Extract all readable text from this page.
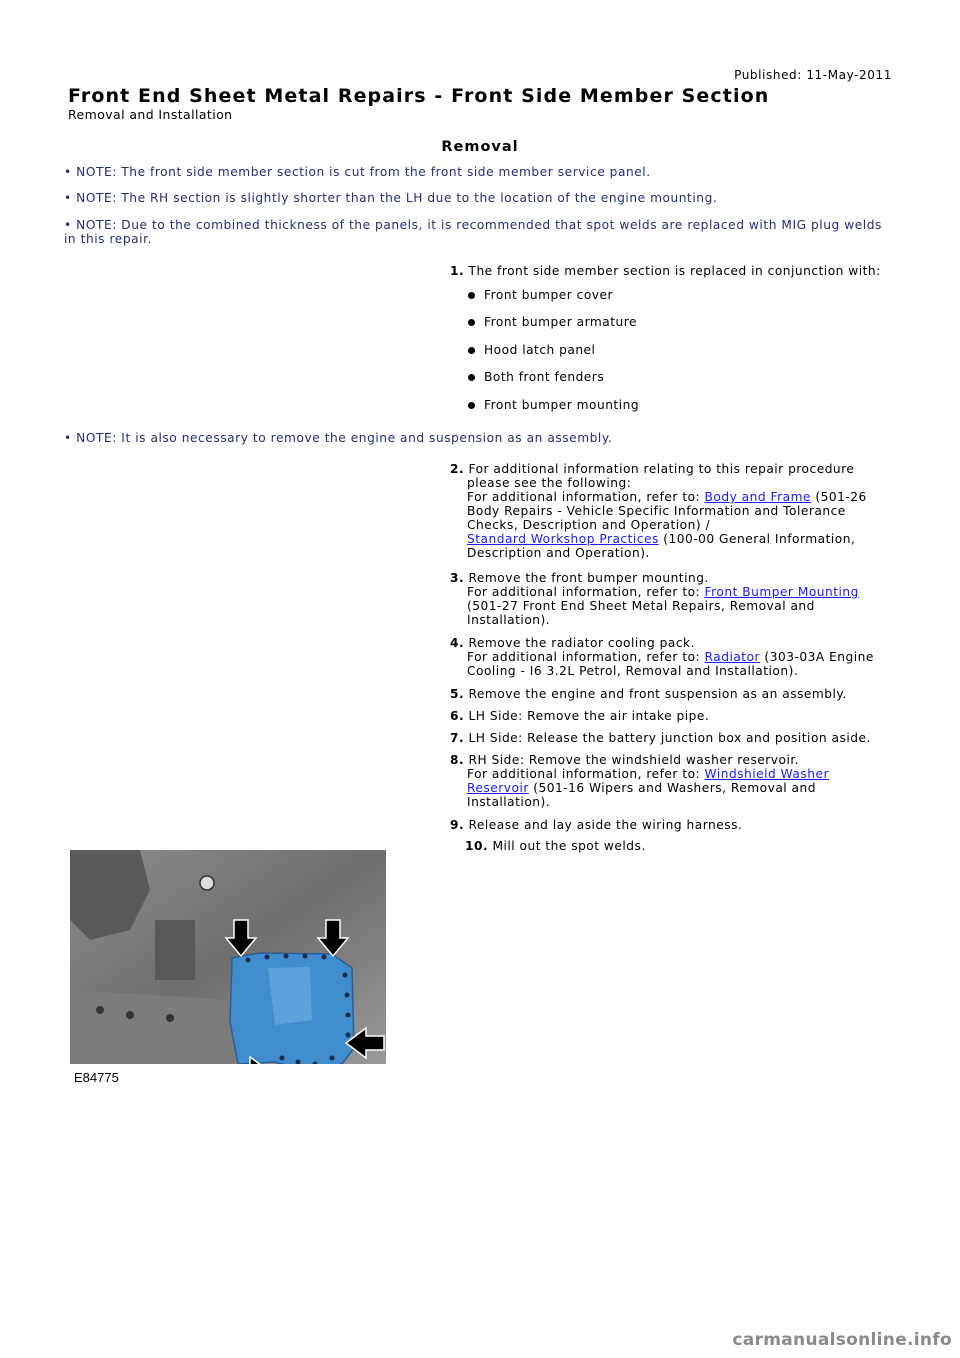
Published: 11-May-2011
Front End Sheet Metal Repairs - Front Side Member Section
Removal and Installation
Removal
• NOTE: The front side member section is cut from the front side member service panel.
• NOTE: The RH section is slightly shorter than the LH due to the location of the engine mounting.
• NOTE: Due to the combined thickness of the panels, it is recommended that spot welds are replaced with MIG plug welds in this repair.
1. The front side member section is replaced in conjunction with:
Front bumper cover
Front bumper armature
Hood latch panel
Both front fenders
Front bumper mounting
• NOTE: It is also necessary to remove the engine and suspension as an assembly.
2. For additional information relating to this repair procedure
please see the following:
For additional information, refer to: Body and Frame (501-26
Body Repairs - Vehicle Specific Information and Tolerance
Checks, Description and Operation) /
Standard Workshop Practices (100-00 General Information,
Description and Operation).
3. Remove the front bumper mounting.
For additional information, refer to: Front Bumper Mounting
(501-27 Front End Sheet Metal Repairs, Removal and
Installation).
4. Remove the radiator cooling pack.
For additional information, refer to: Radiator (303-03A Engine
Cooling - I6 3.2L Petrol, Removal and Installation).
5. Remove the engine and front suspension as an assembly.
6. LH Side: Remove the air intake pipe.
7. LH Side: Release the battery junction box and position aside.
8. RH Side: Remove the windshield washer reservoir.
For additional information, refer to: Windshield Washer
Reservoir (501-16 Wipers and Washers, Removal and
Installation).
9. Release and lay aside the wiring harness.
10. Mill out the spot welds.
E84775
carmanualsonline.info
